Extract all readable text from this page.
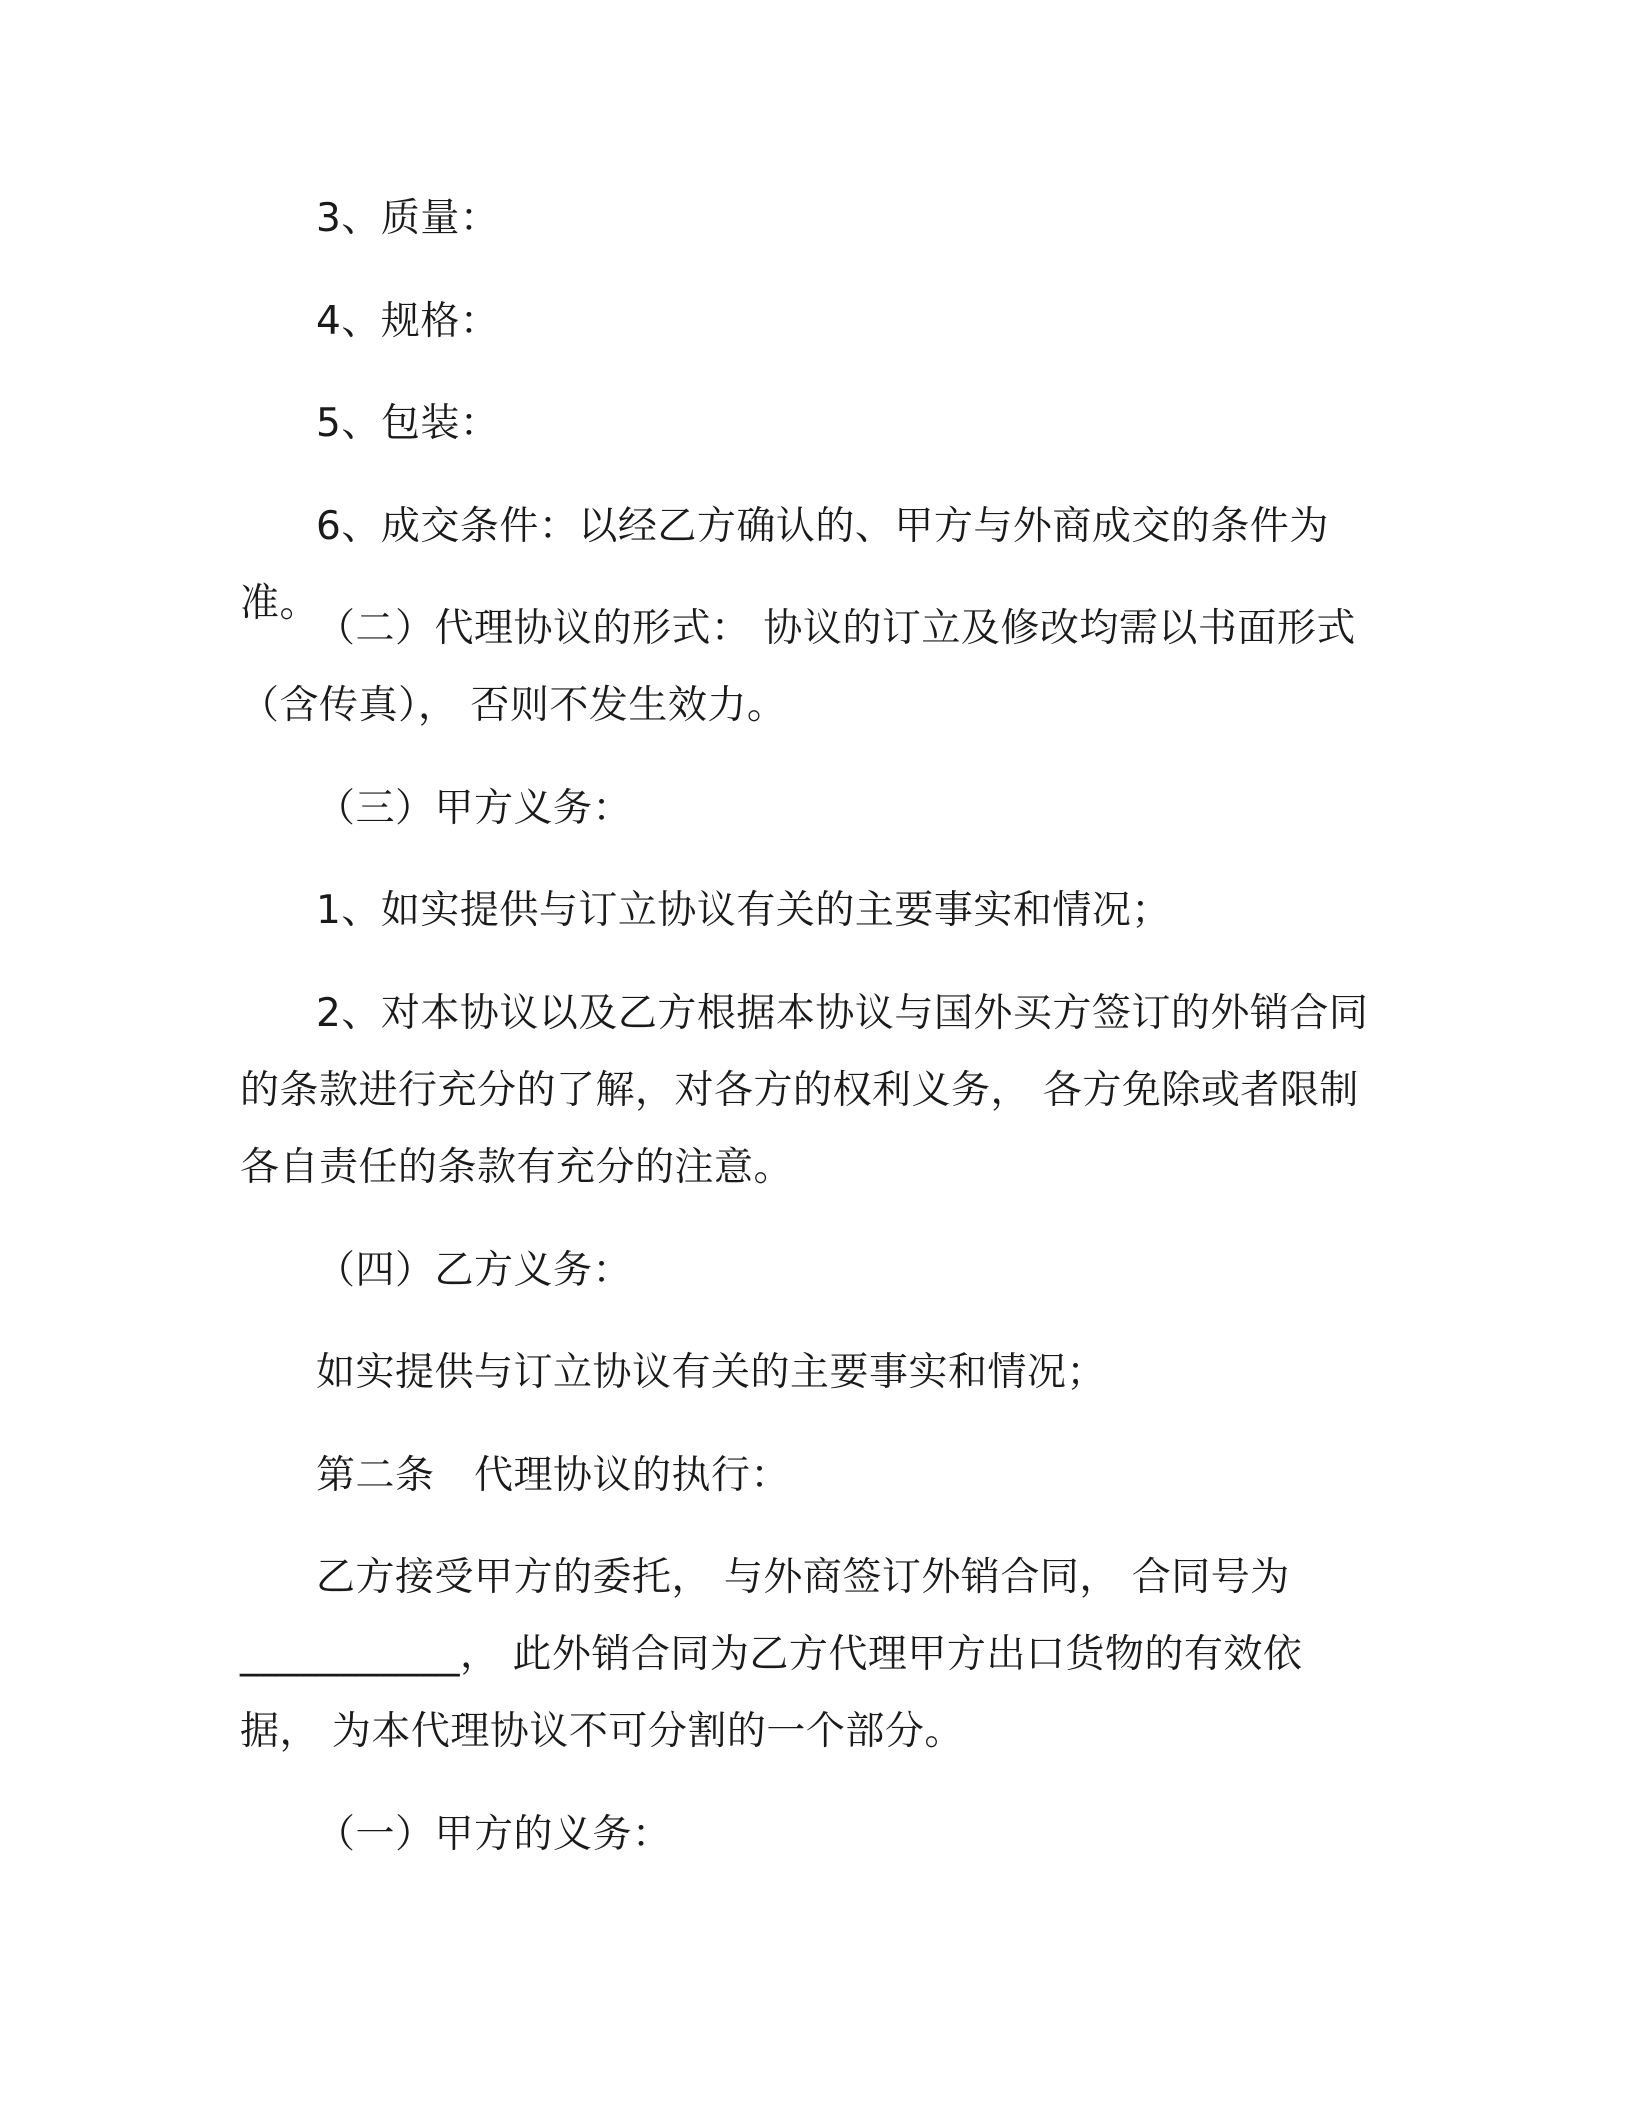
3、质量：

4、规格：

5、包装：

6、成交条件：以经乙方确认的、甲方与外商成交的条件为准。

（二）代理协议的形式： 协议的订立及修改均需以书面形式（含传真）， 否则不发生效力。

（三）甲方义务：

1、如实提供与订立协议有关的主要事实和情况；

2、对本协议以及乙方根据本协议与国外买方签订的外销合同的条款进行充分的了解，对各方的权利义务， 各方免除或者限制各自责任的条款有充分的注意。

（四）乙方义务：

如实提供与订立协议有关的主要事实和情况；

第二条　代理协议的执行：

乙方接受甲方的委托， 与外商签订外销合同， 合同号为___________， 此外销合同为乙方代理甲方出口货物的有效依据， 为本代理协议不可分割的一个部分。

（一）甲方的义务：
